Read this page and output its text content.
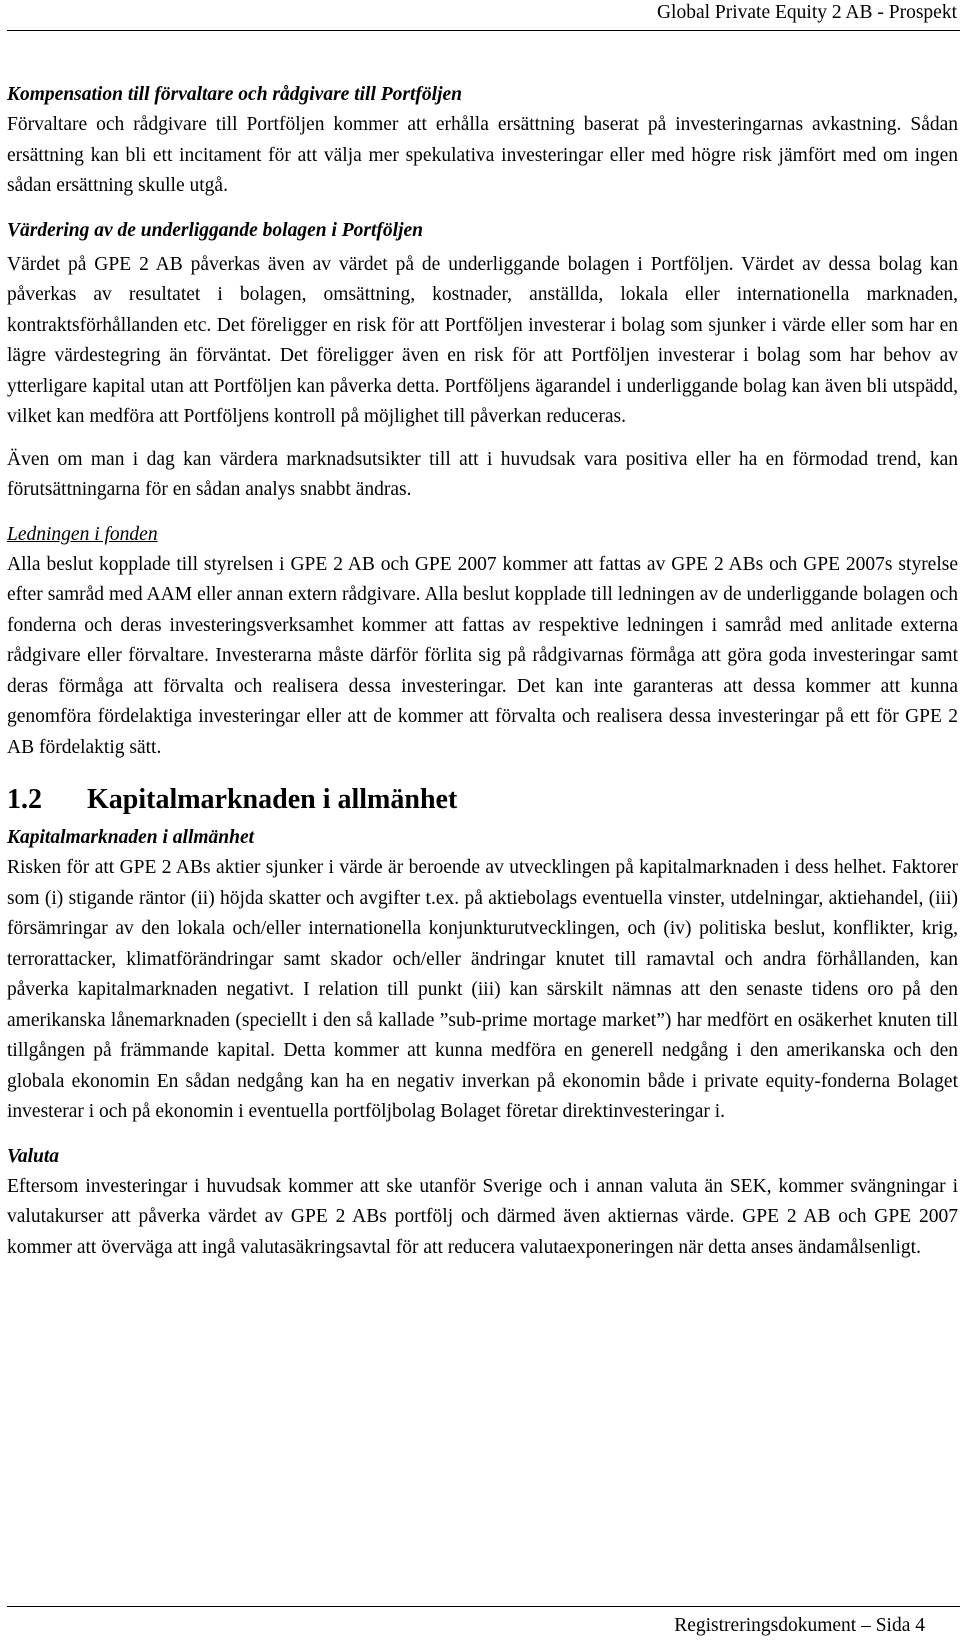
Global Private Equity 2 AB - Prospekt
Kompensation till förvaltare och rådgivare till Portföljen

Förvaltare och rådgivare till Portföljen kommer att erhålla ersättning baserat på investeringarnas avkastning. Sådan ersättning kan bli ett incitament för att välja mer spekulativa investeringar eller med högre risk jämfört med om ingen sådan ersättning skulle utgå.

Värdering av de underliggande bolagen i Portföljen

Värdet på GPE 2 AB påverkas även av värdet på de underliggande bolagen i Portföljen. Värdet av dessa bolag kan påverkas av resultatet i bolagen, omsättning, kostnader, anställda, lokala eller internationella marknaden, kontraktsförhållanden etc. Det föreligger en risk för att Portföljen investerar i bolag som sjunker i värde eller som har en lägre värdestegring än förväntat. Det föreligger även en risk för att Portföljen investerar i bolag som har behov av ytterligare kapital utan att Portföljen kan påverka detta. Portföljens ägarandel i underliggande bolag kan även bli utspädd, vilket kan medföra att Portföljens kontroll på möjlighet till påverkan reduceras.

Även om man i dag kan värdera marknadsutsikter till att i huvudsak vara positiva eller ha en förmodad trend, kan förutsättningarna för en sådan analys snabbt ändras.

Ledningen i fonden

Alla beslut kopplade till styrelsen i GPE 2 AB och GPE 2007 kommer att fattas av GPE 2 ABs och GPE 2007s styrelse efter samråd med AAM eller annan extern rådgivare. Alla beslut kopplade till ledningen av de underliggande bolagen och fonderna och deras investeringsverksamhet kommer att fattas av respektive ledningen i samråd med anlitade externa rådgivare eller förvaltare. Investerarna måste därför förlita sig på rådgivarnas förmåga att göra goda investeringar samt deras förmåga att förvalta och realisera dessa investeringar. Det kan inte garanteras att dessa kommer att kunna genomföra fördelaktiga investeringar eller att de kommer att förvalta och realisera dessa investeringar på ett för GPE 2 AB fördelaktig sätt.

1.2 Kapitalmarknaden i allmänhet
Kapitalmarknaden i allmänhet

Risken för att GPE 2 ABs aktier sjunker i värde är beroende av utvecklingen på kapitalmarknaden i dess helhet. Faktorer som (i) stigande räntor (ii) höjda skatter och avgifter t.ex. på aktiebolags eventuella vinster, utdelningar, aktiehandel, (iii) försämringar av den lokala och/eller internationella konjunkturutvecklingen, och (iv) politiska beslut, konflikter, krig, terrorattacker, klimatförändringar samt skador och/eller ändringar knutet till ramavtal och andra förhållanden, kan påverka kapitalmarknaden negativt. I relation till punkt (iii) kan särskilt nämnas att den senaste tidens oro på den amerikanska lånemarknaden (speciellt i den så kallade ”sub-prime mortage market”) har medfört en osäkerhet knuten till tillgången på främmande kapital. Detta kommer att kunna medföra en generell nedgång i den amerikanska och den globala ekonomin En sådan nedgång kan ha en negativ inverkan på ekonomin både i private equity-fonderna Bolaget investerar i och på ekonomin i eventuella portföljbolag Bolaget företar direktinvesteringar i.

Valuta

Eftersom investeringar i huvudsak kommer att ske utanför Sverige och i annan valuta än SEK, kommer svängningar i valutakurser att påverka värdet av GPE 2 ABs portfölj och därmed även aktiernas värde. GPE 2 AB och GPE 2007 kommer att överväga att ingå valutasäkringsavtal för att reducera valutaexponeringen när detta anses ändamålsenligt.

Registreringsdokument – Sida 4
